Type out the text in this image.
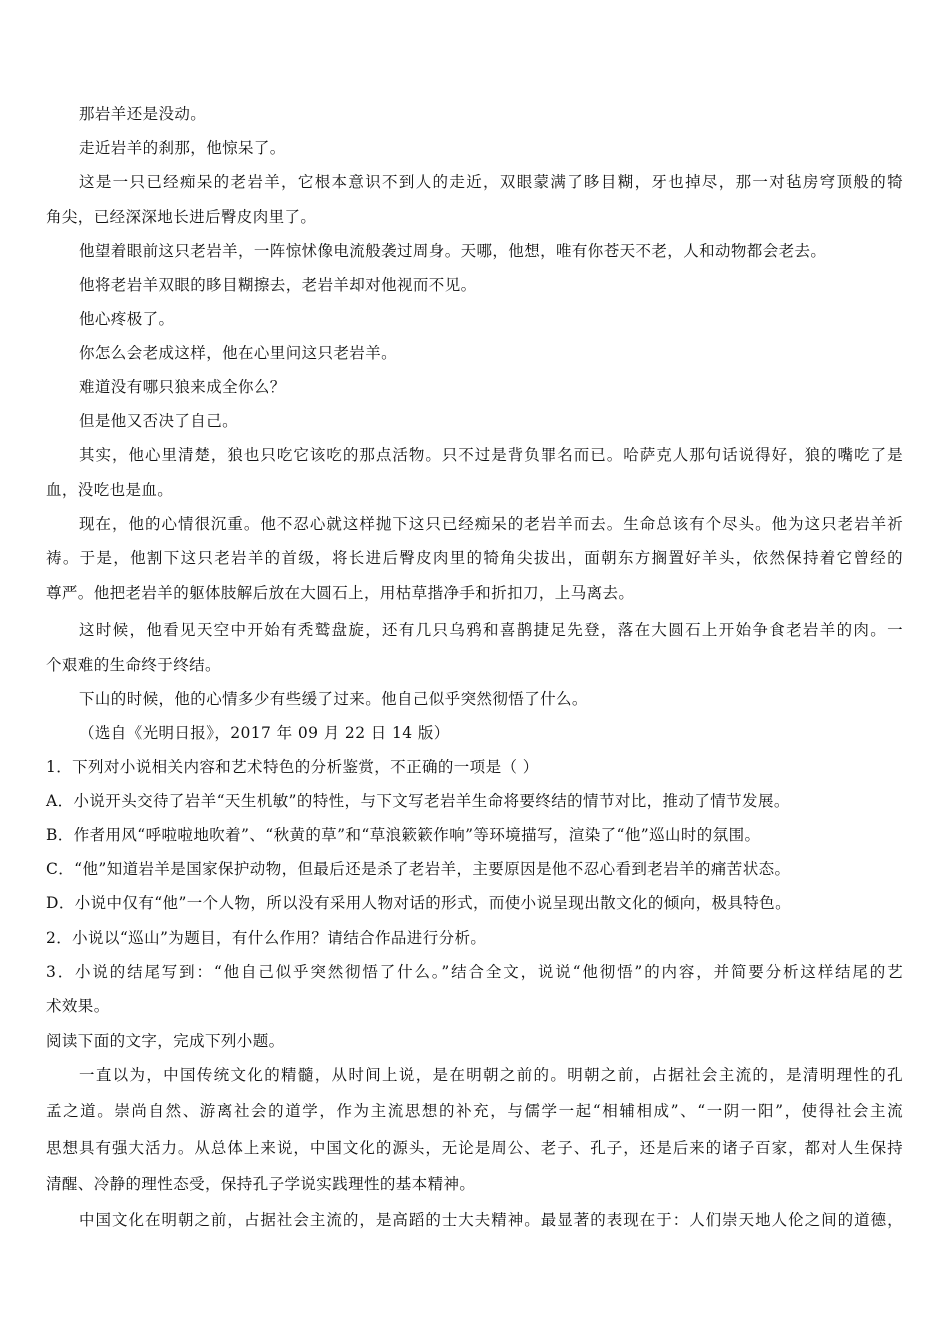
那岩羊还是没动。

走近岩羊的刹那，他惊呆了。

这是一只已经痴呆的老岩羊，它根本意识不到人的走近，双眼蒙满了眵目糊，牙也掉尽，那一对毡房穹顶般的犄

角尖，已经深深地长进后臀皮肉里了。

他望着眼前这只老岩羊，一阵惊怵像电流般袭过周身。天哪，他想，唯有你苍天不老，人和动物都会老去。

他将老岩羊双眼的眵目糊擦去，老岩羊却对他视而不见。

他心疼极了。

你怎么会老成这样，他在心里问这只老岩羊。

难道没有哪只狼来成全你么？

但是他又否决了自己。

其实，他心里清楚，狼也只吃它该吃的那点活物。只不过是背负罪名而已。哈萨克人那句话说得好，狼的嘴吃了是

血，没吃也是血。

现在，他的心情很沉重。他不忍心就这样抛下这只已经痴呆的老岩羊而去。生命总该有个尽头。他为这只老岩羊祈

祷。于是，他割下这只老岩羊的首级，将长进后臀皮肉里的犄角尖拔出，面朝东方搁置好羊头，依然保持着它曾经的

尊严。他把老岩羊的躯体肢解后放在大圆石上，用枯草揩净手和折扣刀，上马离去。

这时候，他看见天空中开始有秃鹫盘旋，还有几只乌鸦和喜鹊捷足先登，落在大圆石上开始争食老岩羊的肉。一

个艰难的生命终于终结。

下山的时候，他的心情多少有些缓了过来。他自己似乎突然彻悟了什么。

（选自《光明日报》，2017 年 09 月 22 日 14 版）

1．下列对小说相关内容和艺术特色的分析鉴赏，不正确的一项是（ ）

A．小说开头交待了岩羊“天生机敏”的特性，与下文写老岩羊生命将要终结的情节对比，推动了情节发展。

B．作者用风“呼啦啦地吹着”、“秋黄的草”和“草浪簌簌作响”等环境描写，渲染了“他”巡山时的氛围。

C．“他”知道岩羊是国家保护动物，但最后还是杀了老岩羊，主要原因是他不忍心看到老岩羊的痛苦状态。

D．小说中仅有“他”一个人物，所以没有采用人物对话的形式，而使小说呈现出散文化的倾向，极具特色。

2．小说以“巡山”为题目，有什么作用？请结合作品进行分析。

3．小说的结尾写到：“他自己似乎突然彻悟了什么。”结合全文，说说“他彻悟”的内容，并简要分析这样结尾的艺

术效果。

阅读下面的文字，完成下列小题。

一直以为，中国传统文化的精髓，从时间上说，是在明朝之前的。明朝之前，占据社会主流的，是清明理性的孔

孟之道。崇尚自然、游离社会的道学，作为主流思想的补充，与儒学一起“相辅相成”、“一阴一阳”，使得社会主流

思想具有强大活力。从总体上来说，中国文化的源头，无论是周公、老子、孔子，还是后来的诸子百家，都对人生保持

清醒、冷静的理性态受，保持孔子学说实践理性的基本精神。

中国文化在明朝之前，占据社会主流的，是高蹈的士大夫精神。最显著的表现在于：人们崇天地人伦之间的道德，
